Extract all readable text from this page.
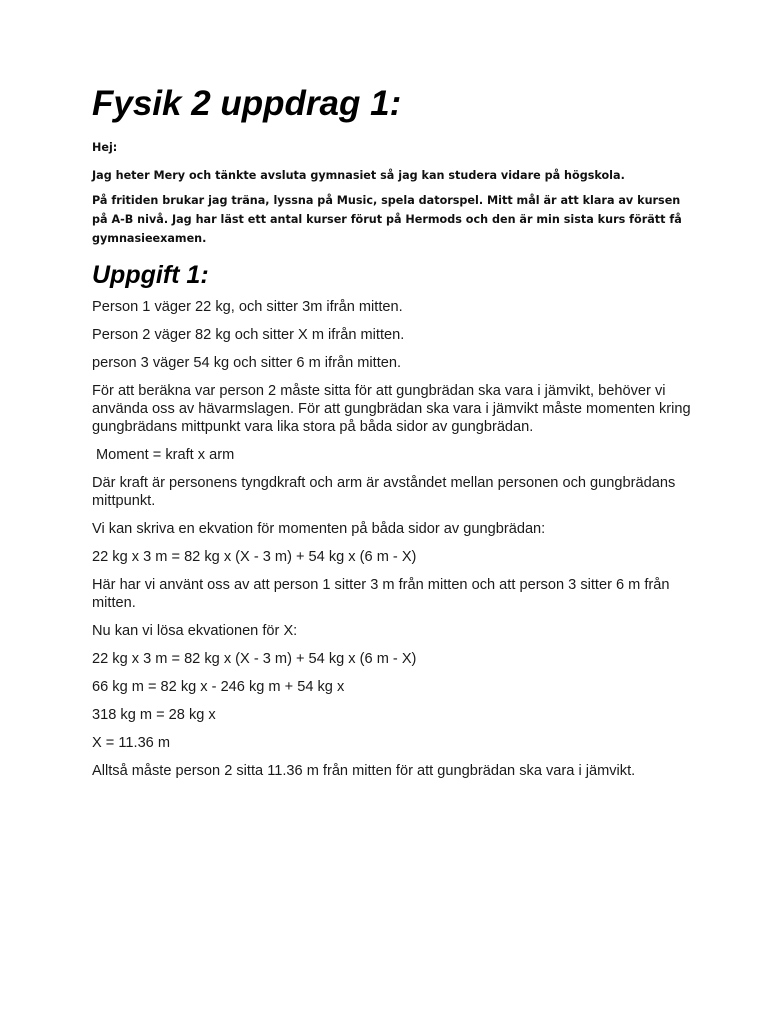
Fysik 2 uppdrag 1:

Hej:

Jag heter Mery och tänkte avsluta gymnasiet så jag kan studera vidare på högskola.

På fritiden brukar jag träna, lyssna på Music, spela datorspel. Mitt mål är att klara av kursen på A-B nivå. Jag har läst ett antal kurser förut på Hermods och den är min sista kurs förätt få gymnasieexamen.

Uppgift 1:

Person 1 väger 22 kg, och sitter 3m ifrån mitten.

Person 2 väger 82 kg och sitter X m ifrån mitten.

person 3 väger 54 kg och sitter 6 m ifrån mitten.

För att beräkna var person 2 måste sitta för att gungbrädan ska vara i jämvikt, behöver vi använda oss av hävarmslagen. För att gungbrädan ska vara i jämvikt måste momenten kring gungbrädans mittpunkt vara lika stora på båda sidor av gungbrädan.

Moment = kraft x arm

Där kraft är personens tyngdkraft och arm är avståndet mellan personen och gungbrädans mittpunkt.

Vi kan skriva en ekvation för momenten på båda sidor av gungbrädan:

22 kg x 3 m = 82 kg x (X - 3 m) + 54 kg x (6 m - X)

Här har vi använt oss av att person 1 sitter 3 m från mitten och att person 3 sitter 6 m från mitten.

Nu kan vi lösa ekvationen för X:

22 kg x 3 m = 82 kg x (X - 3 m) + 54 kg x (6 m - X)

66 kg m = 82 kg x - 246 kg m + 54 kg x

318 kg m = 28 kg x

X = 11.36 m

Alltså måste person 2 sitta 11.36 m från mitten för att gungbrädan ska vara i jämvikt.
